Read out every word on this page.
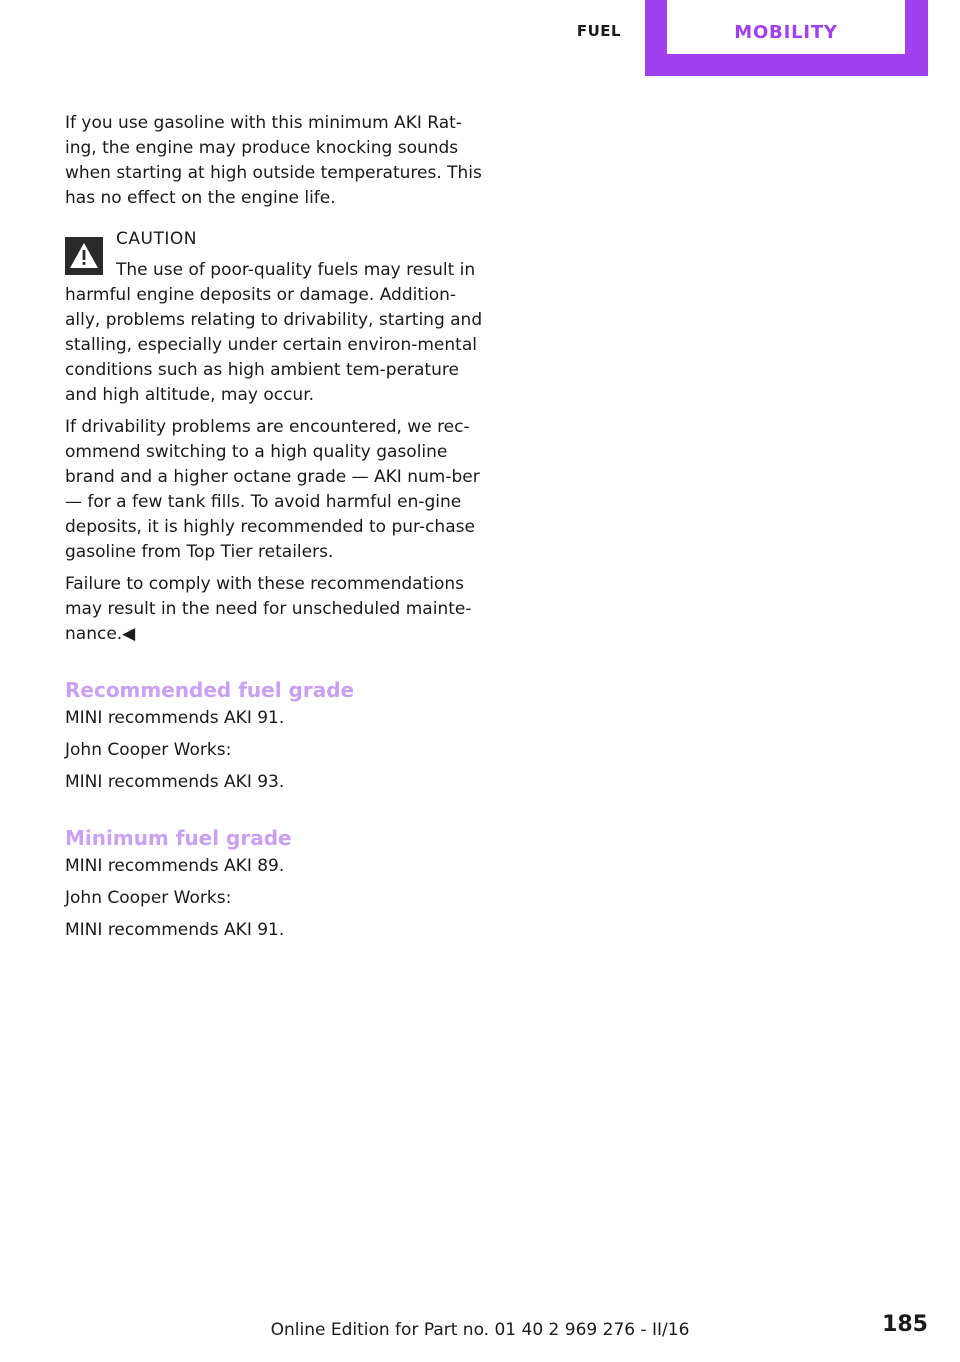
FUEL	MOBILITY

If you use gasoline with this minimum AKI Rat-ing, the engine may produce knocking sounds when starting at high outside temperatures. This has no effect on the engine life.

CAUTION

The use of poor-quality fuels may result in harmful engine deposits or damage. Addition-ally, problems relating to drivability, starting and stalling, especially under certain environ-mental conditions such as high ambient tem-perature and high altitude, may occur.

If drivability problems are encountered, we rec-ommend switching to a high quality gasoline brand and a higher octane grade — AKI num-ber — for a few tank fills. To avoid harmful en-gine deposits, it is highly recommended to pur-chase gasoline from Top Tier retailers.

Failure to comply with these recommendations may result in the need for unscheduled mainte-nance.◀

Recommended fuel grade

MINI recommends AKI 91.

John Cooper Works:

MINI recommends AKI 93.

Minimum fuel grade

MINI recommends AKI 89.

John Cooper Works:

MINI recommends AKI 91.

Online Edition for Part no. 01 40 2 969 276 - II/16	185
